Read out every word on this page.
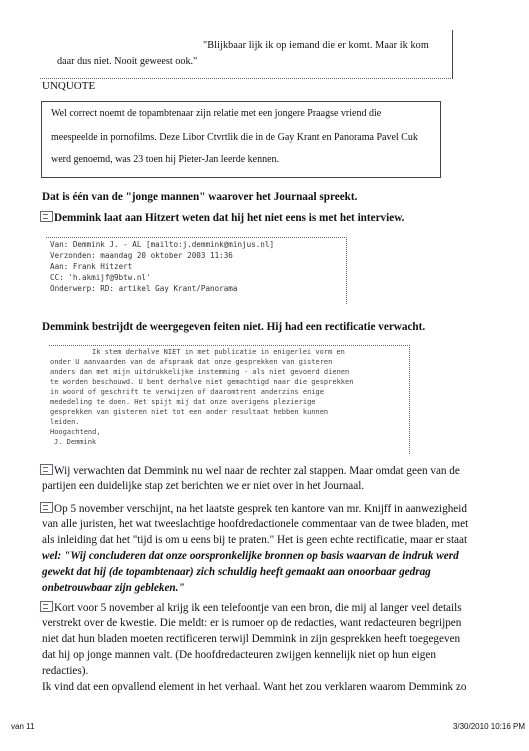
"Blijkbaar lijk ik op iemand die er komt. Maar ik kom
daar dus niet. Nooit geweest ook."
UNQUOTE
Wel correct noemt de topambtenaar zijn relatie met een jongere Praagse vriend die
meespeelde in pornofilms. Deze Libor Ctvrtlik die in de Gay Krant en Panorama Pavel Cuk
werd genoemd, was 23 toen hij Pieter-Jan leerde kennen.
Dat is één van de "jonge mannen" waarover het Journaal spreekt.
Demmink laat aan Hitzert weten dat hij het niet eens is met het interview.
Van: Demmink J. - AL [mailto:j.demmink@minjus.nl]
Verzonden: maandag 20 oktober 2003 11:36
Aan: Frank Hitzert
CC: 'h.akmijf@9btw.nl'
Onderwerp: RD: artikel Gay Krant/Panorama
Demmink bestrijdt de weergegeven feiten niet. Hij had een rectificatie verwacht.
Ik stem derhalve NIET in met publicatie in enigerlei vorm en
onder U aanvaarden van de afspraak dat onze gesprekken van gisteren
anders dan met mijn uitdrukkelijke instemming - als niet gevoerd dienen
te worden beschouwd. U bent derhalve niet gemachtigd naar die gesprekken
in woord of geschrift te verwijzen of daaromtrent anderzins enige
mededeling te doen. Het spijt mij dat onze overigens plezierige
gesprekken van gisteren niet tot een ander resultaat hebben kunnen
leiden.
Hoogachtend,
J. Demmink
Wij verwachten dat Demmink nu wel naar de rechter zal stappen. Maar omdat geen van de
partijen een duidelijke stap zet berichten we er niet over in het Journaal.
Op 5 november verschijnt, na het laatste gesprek ten kantore van mr. Knijff in aanwezigheid
van alle juristen, het wat tweeslachtige hoofdredactionele commentaar van de twee bladen, met
als inleiding dat het "tijd is om u eens bij te praten." Het is geen echte rectificatie, maar er staat
wel: "Wij concluderen dat onze oorspronkelijke bronnen op basis waarvan de indruk werd
gewekt dat hij (de topambtenaar) zich schuldig heeft gemaakt aan onoorbaar gedrag
onbetrouwbaar zijn gebleken."
Kort voor 5 november al krijg ik een telefoontje van een bron, die mij al langer veel details
verstrekt over de kwestie. Die meldt: er is rumoer op de redacties, want redacteuren begrijpen
niet dat hun bladen moeten rectificeren terwijl Demmink in zijn gesprekken heeft toegegeven
dat hij op jonge mannen valt. (De hoofdredacteuren zwijgen kennelijk niet op hun eigen
redacties).
Ik vind dat een opvallend element in het verhaal. Want het zou verklaren waarom Demmink zo
van 11	3/30/2010 10:16 PM
